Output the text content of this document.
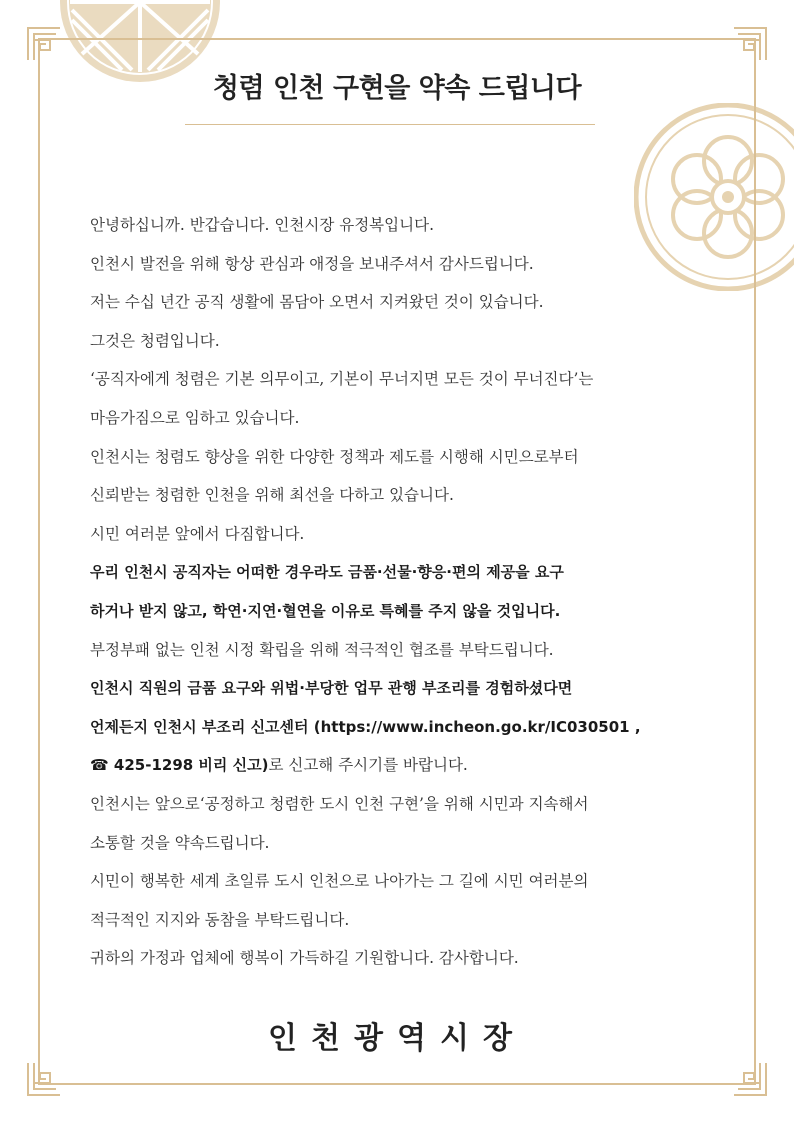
청렴 인천 구현을 약속 드립니다
안녕하십니까. 반갑습니다. 인천시장 유정복입니다.
인천시 발전을 위해 항상 관심과 애정을 보내주셔서 감사드립니다.
저는 수십 년간 공직 생활에 몸담아 오면서 지켜왔던 것이 있습니다.
그것은 청렴입니다.
‘공직자에게 청렴은 기본 의무이고, 기본이 무너지면 모든 것이 무너진다’는
마음가짐으로 임하고 있습니다.
인천시는 청렴도 향상을 위한 다양한 정책과 제도를 시행해 시민으로부터
신뢰받는 청렴한 인천을 위해 최선을 다하고 있습니다.
시민 여러분 앞에서 다짐합니다.
우리 인천시 공직자는 어떠한 경우라도 금품·선물·향응·편의 제공을 요구
하거나 받지 않고, 학연·지연·혈연을 이유로 특혜를 주지 않을 것입니다.
부정부패 없는 인천 시정 확립을 위해 적극적인 협조를 부탁드립니다.
인천시 직원의 금품 요구와 위법·부당한 업무 관행 부조리를 경험하셨다면
언제든지 인천시 부조리 신고센터 (https://www.incheon.go.kr/IC030501 ,
☎ 425-1298 비리 신고)로 신고해 주시기를 바랍니다.
인천시는 앞으로‘공정하고 청렴한 도시 인천 구현’을 위해 시민과 지속해서
소통할 것을 약속드립니다.
시민이 행복한 세계 초일류 도시 인천으로 나아가는 그 길에 시민 여러분의
적극적인 지지와 동참을 부탁드립니다.
귀하의 가정과 업체에 행복이 가득하길 기원합니다. 감사합니다.
인천광역시장
